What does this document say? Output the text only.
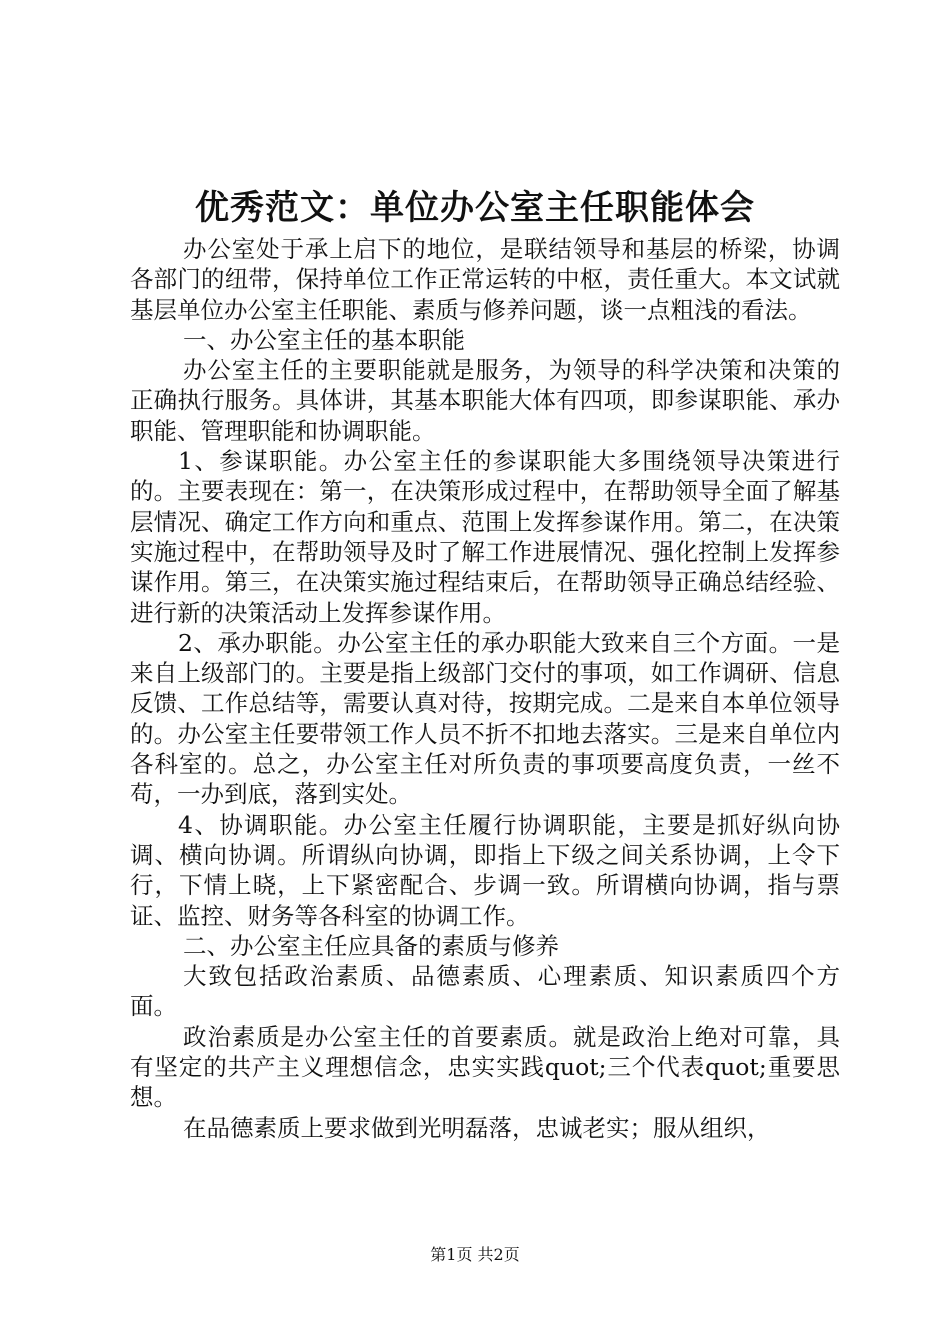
优秀范文：单位办公室主任职能体会

办公室处于承上启下的地位，是联结领导和基层的桥梁，协调各部门的纽带，保持单位工作正常运转的中枢，责任重大。本文试就基层单位办公室主任职能、素质与修养问题，谈一点粗浅的看法。

一、办公室主任的基本职能

办公室主任的主要职能就是服务，为领导的科学决策和决策的正确执行服务。具体讲，其基本职能大体有四项，即参谋职能、承办职能、管理职能和协调职能。

1、参谋职能。办公室主任的参谋职能大多围绕领导决策进行的。主要表现在：第一，在决策形成过程中，在帮助领导全面了解基层情况、确定工作方向和重点、范围上发挥参谋作用。第二，在决策实施过程中，在帮助领导及时了解工作进展情况、强化控制上发挥参谋作用。第三，在决策实施过程结束后，在帮助领导正确总结经验、进行新的决策活动上发挥参谋作用。

2、承办职能。办公室主任的承办职能大致来自三个方面。一是来自上级部门的。主要是指上级部门交付的事项，如工作调研、信息反馈、工作总结等，需要认真对待，按期完成。二是来自本单位领导的。办公室主任要带领工作人员不折不扣地去落实。三是来自单位内各科室的。总之，办公室主任对所负责的事项要高度负责，一丝不苟，一办到底，落到实处。

4、协调职能。办公室主任履行协调职能，主要是抓好纵向协调、横向协调。所谓纵向协调，即指上下级之间关系协调，上令下行，下情上晓，上下紧密配合、步调一致。所谓横向协调，指与票证、监控、财务等各科室的协调工作。

二、办公室主任应具备的素质与修养

大致包括政治素质、品德素质、心理素质、知识素质四个方面。

政治素质是办公室主任的首要素质。就是政治上绝对可靠，具有坚定的共产主义理想信念，忠实实践quot;三个代表quot;重要思想。

在品德素质上要求做到光明磊落，忠诚老实；服从组织，

第1页 共2页
